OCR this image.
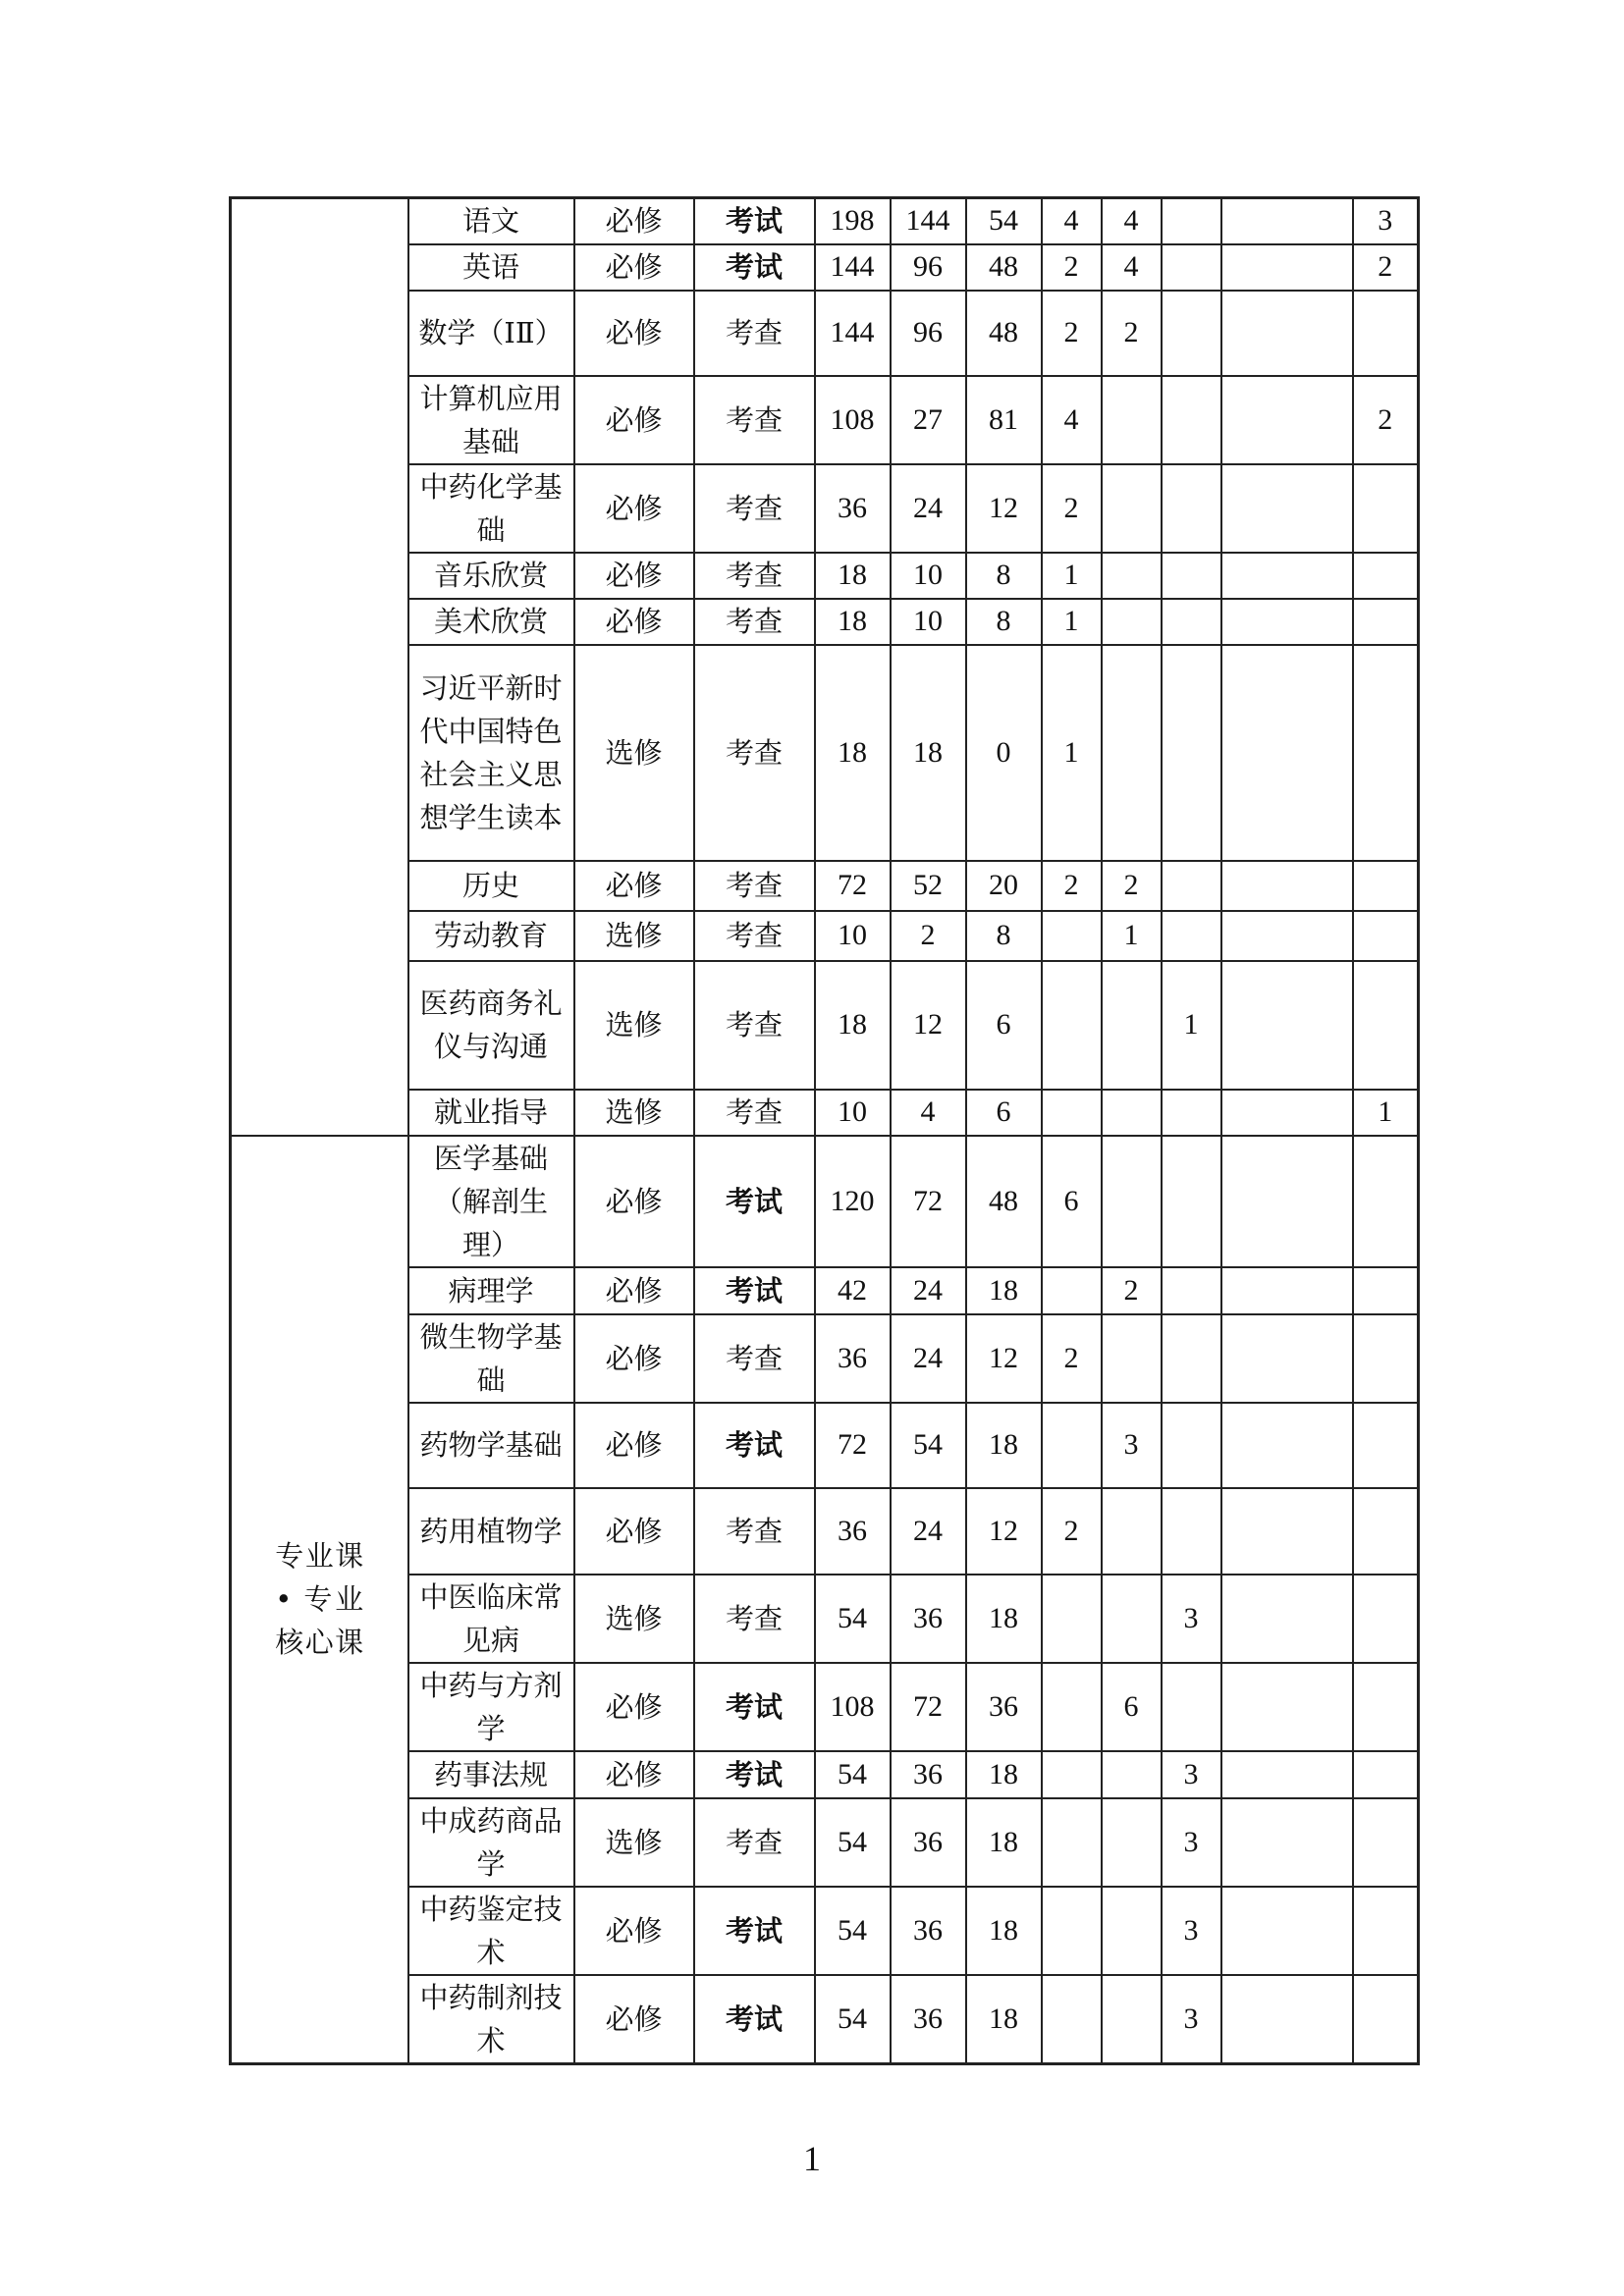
	语文	必修	考试	198	144	54	4	4			3
	英语	必修	考试	144	96	48	2	4			2
	数学（ⅠⅡ）	必修	考查	144	96	48	2	2			
	计算机应用基础	必修	考查	108	27	81	4				2
	中药化学基础	必修	考查	36	24	12	2				
	音乐欣赏	必修	考查	18	10	8	1				
	美术欣赏	必修	考查	18	10	8	1				
	习近平新时代中国特色社会主义思想学生读本	选修	考查	18	18	0	1				
	历史	必修	考查	72	52	20	2	2			
	劳动教育	选修	考查	10	2	8		1			
	医药商务礼仪与沟通	选修	考查	18	12	6			1		
	就业指导	选修	考查	10	4	6					1

专业课• 专业核心课	医学基础（解剖生理）	必修	考试	120	72	48	6				
	病理学	必修	考试	42	24	18		2			
	微生物学基础	必修	考查	36	24	12	2				
	药物学基础	必修	考试	72	54	18		3			
	药用植物学	必修	考查	36	24	12	2				
	中医临床常见病	选修	考查	54	36	18			3		
	中药与方剂学	必修	考试	108	72	36		6			
	药事法规	必修	考试	54	36	18			3		
	中成药商品学	选修	考查	54	36	18			3		
	中药鉴定技术	必修	考试	54	36	18			3		
	中药制剂技术	必修	考试	54	36	18			3		
1
